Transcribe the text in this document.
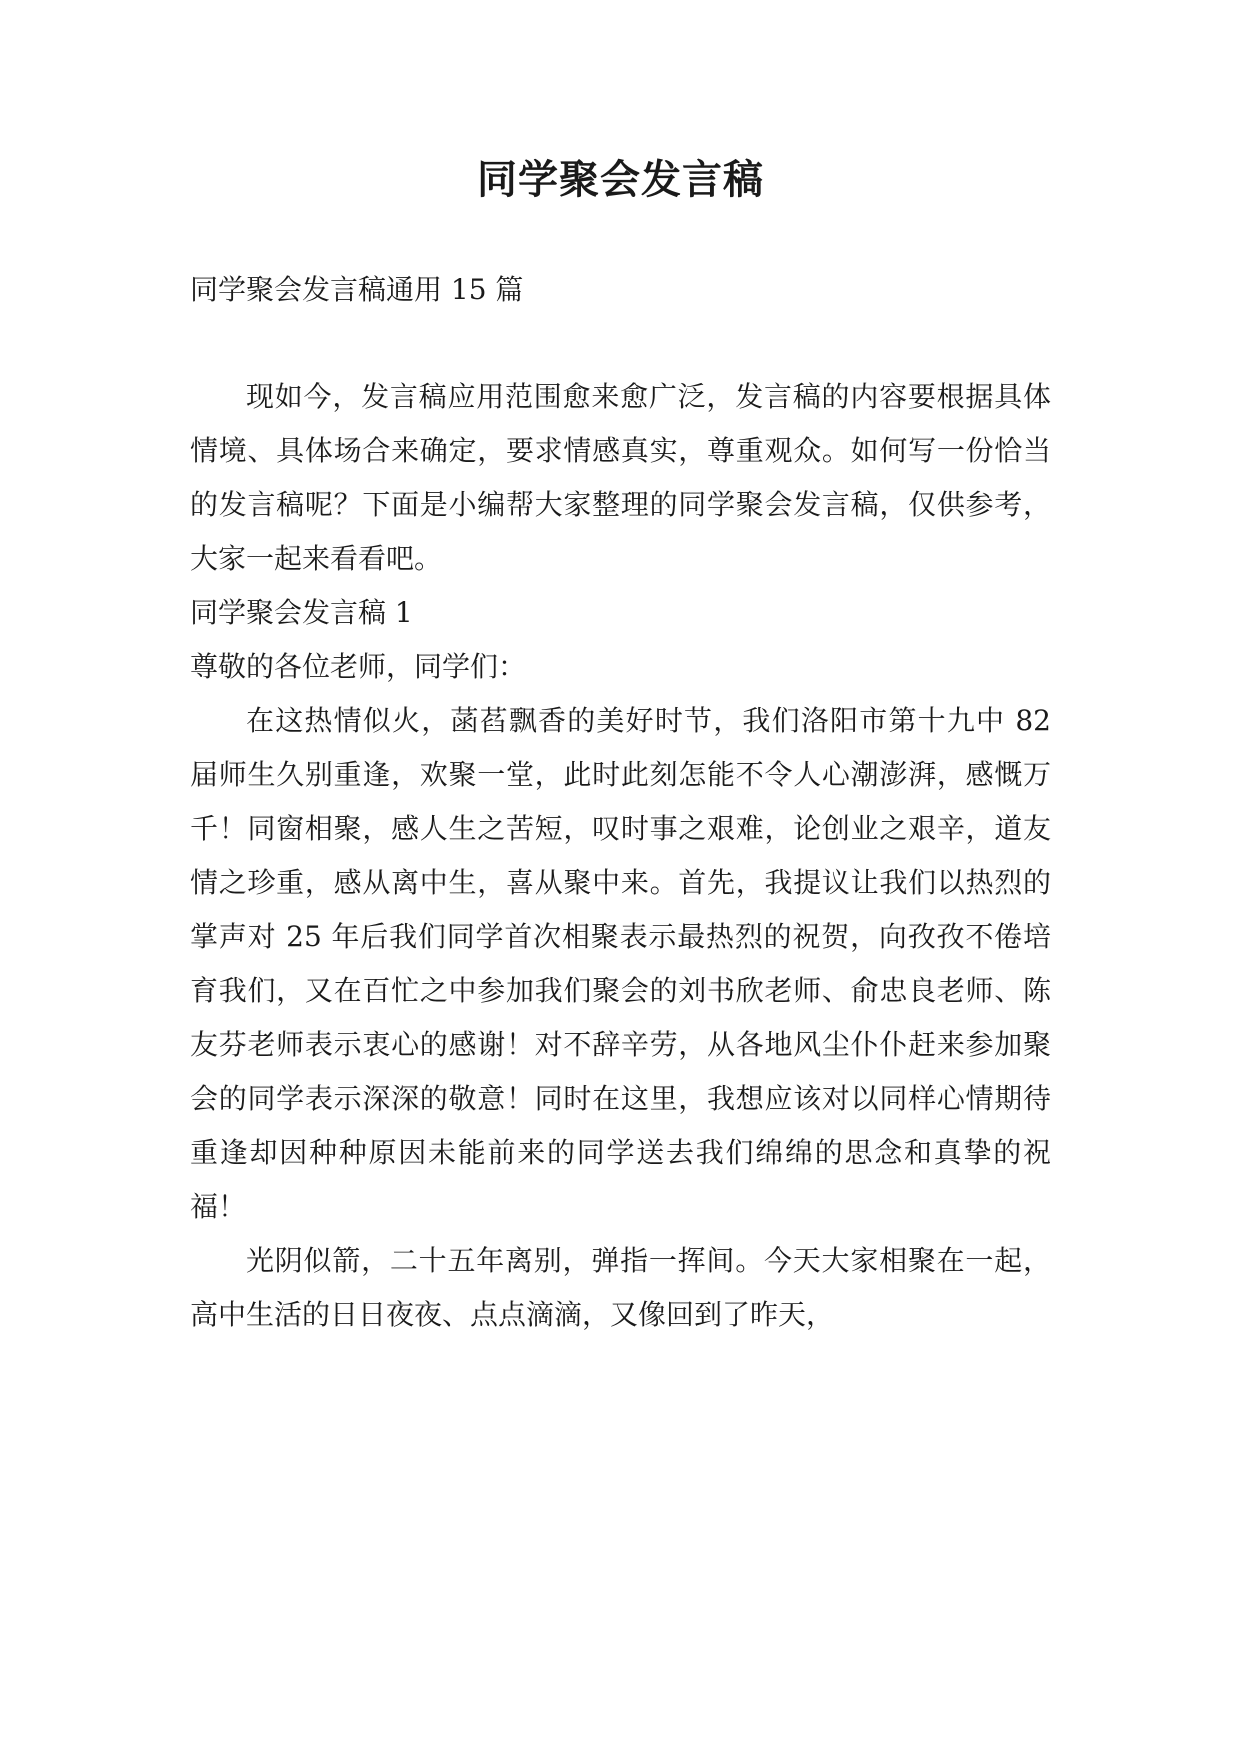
同学聚会发言稿
同学聚会发言稿通用 15 篇

现如今，发言稿应用范围愈来愈广泛，发言稿的内容要根据具体情境、具体场合来确定，要求情感真实，尊重观众。如何写一份恰当的发言稿呢？下面是小编帮大家整理的同学聚会发言稿，仅供参考，大家一起来看看吧。

同学聚会发言稿 1
尊敬的各位老师，同学们：

在这热情似火，菡萏飘香的美好时节，我们洛阳市第十九中 82 届师生久别重逢，欢聚一堂，此时此刻怎能不令人心潮澎湃，感慨万千！同窗相聚，感人生之苦短，叹时事之艰难，论创业之艰辛，道友情之珍重，感从离中生，喜从聚中来。首先，我提议让我们以热烈的掌声对 25 年后我们同学首次相聚表示最热烈的祝贺，向孜孜不倦培育我们，又在百忙之中参加我们聚会的刘书欣老师、俞忠良老师、陈友芬老师表示衷心的感谢！对不辞辛劳，从各地风尘仆仆赶来参加聚会的同学表示深深的敬意！同时在这里，我想应该对以同样心情期待重逢却因种种原因未能前来的同学送去我们绵绵的思念和真挚的祝福！

光阴似箭，二十五年离别，弹指一挥间。今天大家相聚在一起，高中生活的日日夜夜、点点滴滴，又像回到了昨天，
